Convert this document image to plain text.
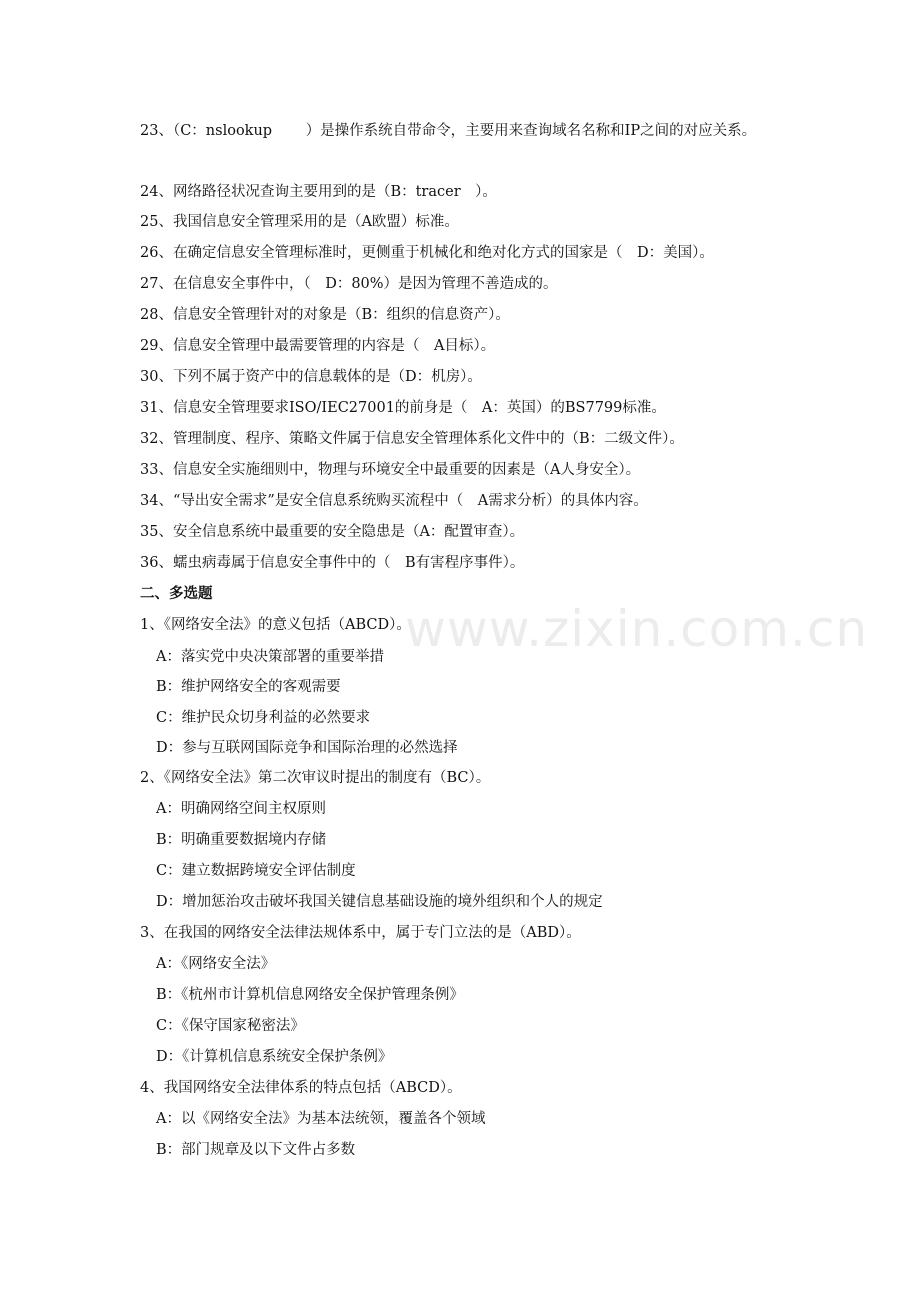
www.zixin.com.cn
23、（C：nslookup　　 ）是操作系统自带命令，主要用来查询域名名称和IP之间的对应关系。
24、网络路径状况查询主要用到的是（B：tracer　）。
25、我国信息安全管理采用的是（A欧盟）标准。
26、在确定信息安全管理标准时，更侧重于机械化和绝对化方式的国家是（　D：美国）。
27、在信息安全事件中，（　D：80%）是因为管理不善造成的。
28、信息安全管理针对的对象是（B：组织的信息资产）。
29、信息安全管理中最需要管理的内容是（　A目标）。
30、下列不属于资产中的信息载体的是（D：机房）。
31、信息安全管理要求ISO/IEC27001的前身是（　A：英国）的BS7799标准。
32、管理制度、程序、策略文件属于信息安全管理体系化文件中的（B：二级文件）。
33、信息安全实施细则中，物理与环境安全中最重要的因素是（A人身安全）。
34、“导出安全需求”是安全信息系统购买流程中（　A需求分析）的具体内容。
35、安全信息系统中最重要的安全隐患是（A：配置审查）。
36、蠕虫病毒属于信息安全事件中的（　B有害程序事件）。
二、多选题
1、《网络安全法》的意义包括（ABCD）。
A：落实党中央决策部署的重要举措
B：维护网络安全的客观需要
C：维护民众切身利益的必然要求
D：参与互联网国际竞争和国际治理的必然选择
2、《网络安全法》第二次审议时提出的制度有（BC）。
A：明确网络空间主权原则
B：明确重要数据境内存储
C：建立数据跨境安全评估制度
D：增加惩治攻击破坏我国关键信息基础设施的境外组织和个人的规定
3、在我国的网络安全法律法规体系中，属于专门立法的是（ABD）。
A：《网络安全法》
B：《杭州市计算机信息网络安全保护管理条例》
C：《保守国家秘密法》
D：《计算机信息系统安全保护条例》
4、我国网络安全法律体系的特点包括（ABCD）。
A：以《网络安全法》为基本法统领，覆盖各个领域
B：部门规章及以下文件占多数
